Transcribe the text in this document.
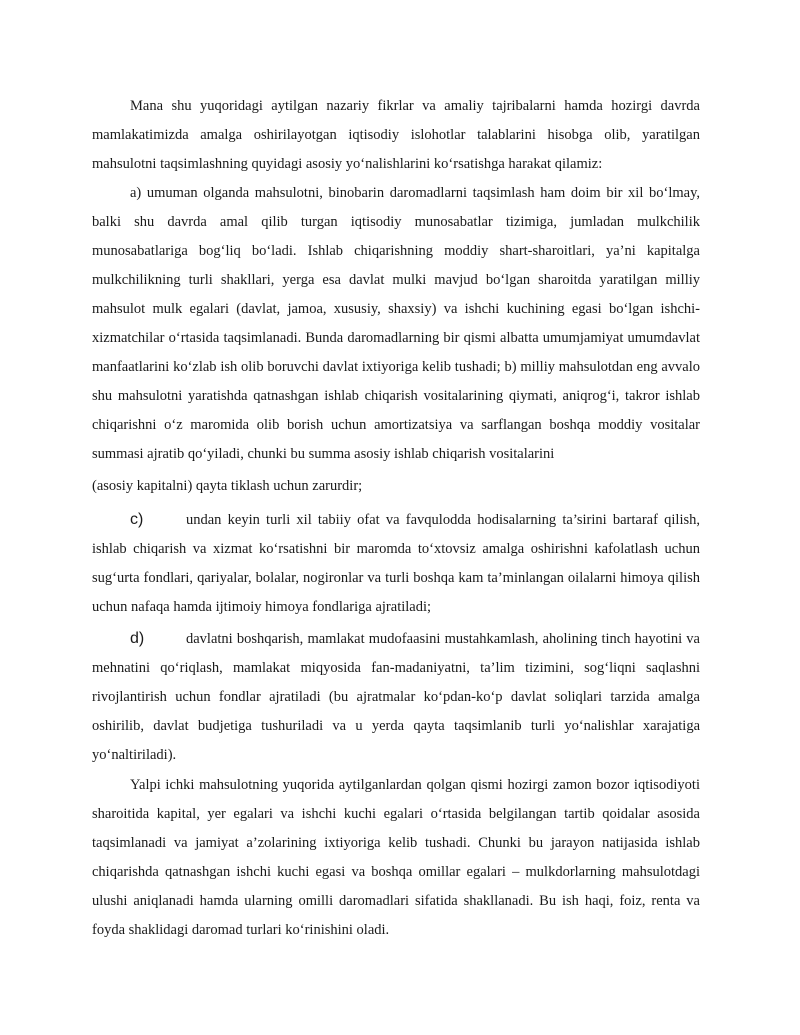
Mana shu yuqoridagi aytilgan nazariy fikrlar va amaliy tajribalarni hamda hozirgi davrda mamlakatimizda amalga oshirilayotgan iqtisodiy islohotlar talablarini hisobga olib, yaratilgan mahsulotni taqsimlashning quyidagi asosiy yo‘nalishlarini ko‘rsatishga harakat qilamiz:

a) umuman olganda mahsulotni, binobarin daromadlarni taqsimlash ham doim bir xil bo‘lmay, balki shu davrda amal qilib turgan iqtisodiy munosabatlar tizimiga, jumladan mulkchilik munosabatlariga bog‘liq bo‘ladi. Ishlab chiqarishning moddiy shart-sharoitlari, ya’ni kapitalga mulkchilikning turli shakllari, yerga esa davlat mulki mavjud bo‘lgan sharoitda yaratilgan milliy mahsulot mulk egalari (davlat, jamoa, xususiy, shaxsiy) va ishchi kuchining egasi bo‘lgan ishchi-xizmatchilar o‘rtasida taqsimlanadi. Bunda daromadlarning bir qismi albatta umumjamiyat umumdavlat manfaatlarini ko‘zlab ish olib boruvchi davlat ixtiyoriga kelib tushadi; b) milliy mahsulotdan eng avvalo shu mahsulotni yaratishda qatnashgan ishlab chiqarish vositalarining qiymati, aniqrog‘i, takror ishlab chiqarishni o‘z maromida olib borish uchun amortizatsiya va sarflangan boshqa moddiy vositalar summasi ajratib qo‘yiladi, chunki bu summa asosiy ishlab chiqarish vositalarini

(asosiy kapitalni) qayta tiklash uchun zarurdir;

c)	undan keyin turli xil tabiiy ofat va favqulodda hodisalarning ta’sirini bartaraf qilish, ishlab chiqarish va xizmat ko‘rsatishni bir maromda to‘xtovsiz amalga oshirishni kafolatlash uchun sug‘urta fondlari, qariyalar, bolalar, nogironlar va turli boshqa kam ta’minlangan oilalarni himoya qilish uchun nafaqa hamda ijtimoiy himoya fondlariga ajratiladi;

d)	davlatni boshqarish, mamlakat mudofaasini mustahkamlash, aholining tinch hayotini va mehnatini qo‘riqlash, mamlakat miqyosida fan-madaniyatni, ta’lim tizimini, sog‘liqni saqlashni rivojlantirish uchun fondlar ajratiladi (bu ajratmalar ko‘pdan-ko‘p davlat soliqlari tarzida amalga oshirilib, davlat budjetiga tushuriladi va u yerda qayta taqsimlanib turli yo‘nalishlar xarajatiga yo‘naltiriladi).

Yalpi ichki mahsulotning yuqorida aytilganlardan qolgan qismi hozirgi zamon bozor iqtisodiyoti sharoitida kapital, yer egalari va ishchi kuchi egalari o‘rtasida belgilangan tartib qoidalar asosida taqsimlanadi va jamiyat a’zolarining ixtiyoriga kelib tushadi. Chunki bu jarayon natijasida ishlab chiqarishda qatnashgan ishchi kuchi egasi va boshqa omillar egalari – mulkdorlarning mahsulotdagi ulushi aniqlanadi hamda ularning omilli daromadlari sifatida shakllanadi. Bu ish haqi, foiz, renta va foyda shaklidagi daromad turlari ko‘rinishini oladi.
